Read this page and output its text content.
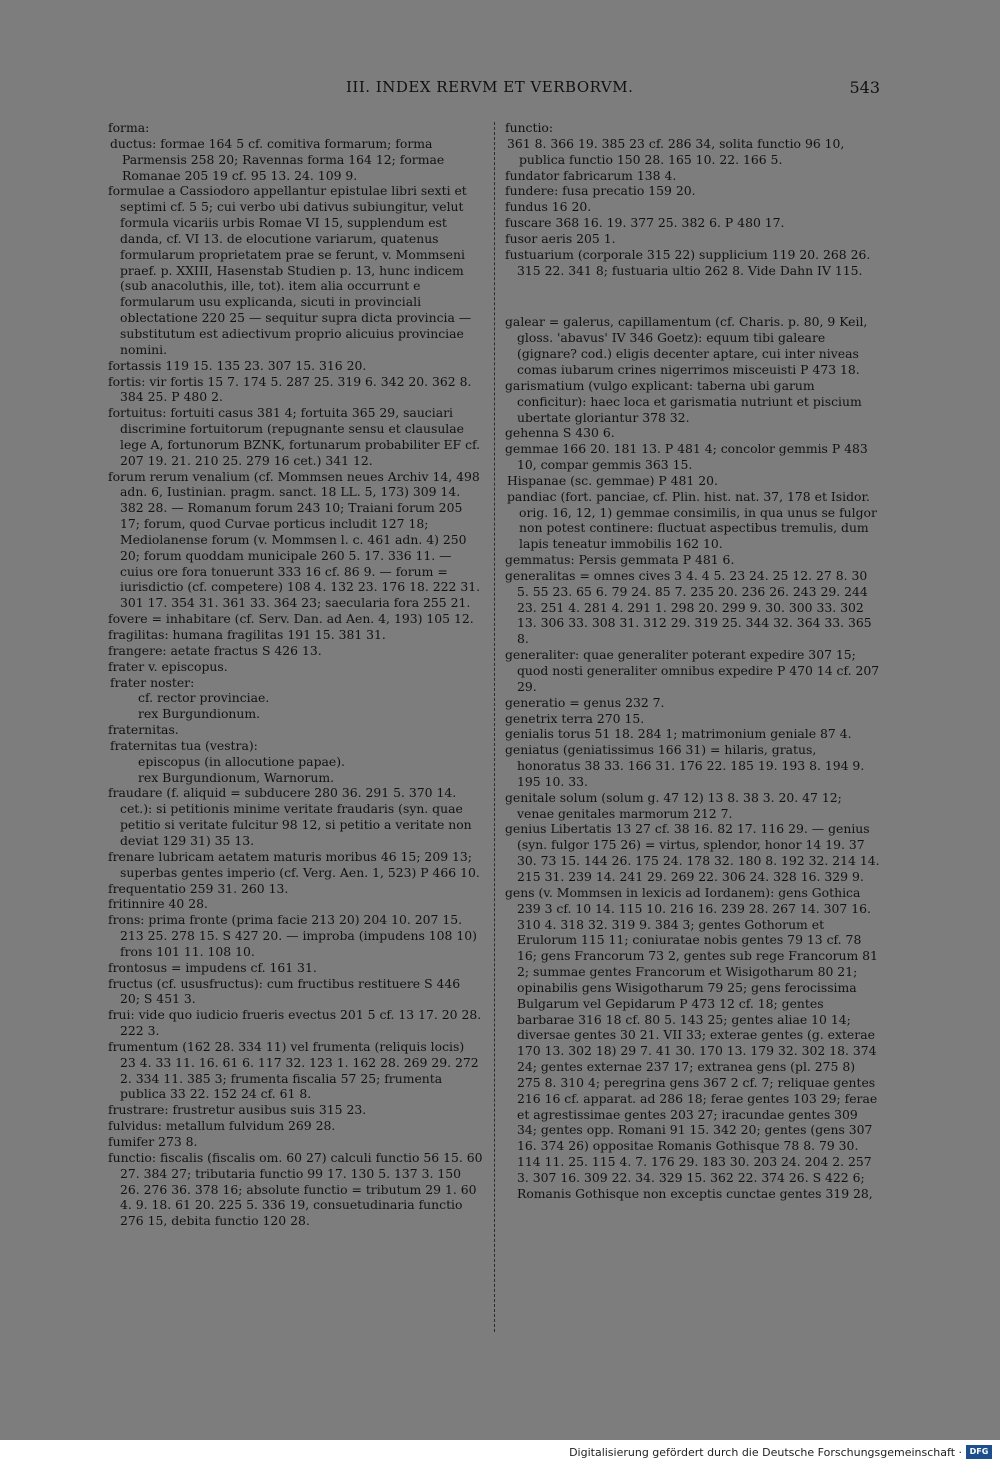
III. INDEX RERVM ET VERBORVM.	543
forma:
ductus: formae 164 5 cf. comitiva formarum; forma Parmensis 258 20; Ravennas forma 164 12; formae Romanae 205 19 cf. 95 13. 24. 109 9.
formulae a Cassiodoro appellantur epistulae libri sexti et septimi cf. 5 5; cui verbo ubi dativus subiungitur, velut formula vicariis urbis Romae VI 15, supplendum est danda, cf. VI 13. de elocutione variarum, quatenus formularum proprietatem prae se ferunt, v. Mommseni praef. p. XXIII, Hasenstab Studien p. 13, hunc indicem (sub anacoluthis, ille, tot). item alia occurrunt e formularum usu explicanda, sicuti in provinciali oblectatione 220 25 — sequitur supra dicta provincia — substitutum est adiectivum proprio alicuius provinciae nomini.
fortassis 119 15. 135 23. 307 15. 316 20.
fortis: vir fortis 15 7. 174 5. 287 25. 319 6. 342 20. 362 8. 384 25. P 480 2.
fortuitus: fortuiti casus 381 4; fortuita 365 29, sauciari discrimine fortuitorum (repugnante sensu et clausulae lege A, fortunorum BZNK, fortunarum probabiliter EF cf. 207 19. 21. 210 25. 279 16 cet.) 341 12.
forum rerum venalium (cf. Mommsen neues Archiv 14, 498 adn. 6, Iustinian. pragm. sanct. 18 LL. 5, 173) 309 14. 382 28. — Romanum forum 243 10; Traiani forum 205 17; forum, quod Curvae porticus includit 127 18; Mediolanense forum (v. Mommsen l. c. 461 adn. 4) 250 20; forum quoddam municipale 260 5. 17. 336 11. — cuius ore fora tonuerunt 333 16 cf. 86 9. — forum = iurisdictio (cf. competere) 108 4. 132 23. 176 18. 222 31. 301 17. 354 31. 361 33. 364 23; saecularia fora 255 21.
fovere = inhabitare (cf. Serv. Dan. ad Aen. 4, 193) 105 12.
fragilitas: humana fragilitas 191 15. 381 31.
frangere: aetate fractus S 426 13.
frater v. episcopus.
frater noster:
cf. rector provinciae.
rex Burgundionum.
fraternitas.
fraternitas tua (vestra):
episcopus (in allocutione papae).
rex Burgundionum, Warnorum.
fraudare (f. aliquid = subducere 280 36. 291 5. 370 14. cet.): si petitionis minime veritate fraudaris (syn. quae petitio si veritate fulcitur 98 12, si petitio a veritate non deviat 129 31) 35 13.
frenare lubricam aetatem maturis moribus 46 15; 209 13; superbas gentes imperio (cf. Verg. Aen. 1, 523) P 466 10.
frequentatio 259 31. 260 13.
fritinnire 40 28.
frons: prima fronte (prima facie 213 20) 204 10. 207 15. 213 25. 278 15. S 427 20. — improba (impudens 108 10) frons 101 11. 108 10.
frontosus = impudens cf. 161 31.
fructus (cf. ususfructus): cum fructibus restituere S 446 20; S 451 3.
frui: vide quo iudicio frueris evectus 201 5 cf. 13 17. 20 28. 222 3.
frumentum (162 28. 334 11) vel frumenta (reliquis locis) 23 4. 33 11. 16. 61 6. 117 32. 123 1. 162 28. 269 29. 272 2. 334 11. 385 3; frumenta fiscalia 57 25; frumenta publica 33 22. 152 24 cf. 61 8.
frustrare: frustretur ausibus suis 315 23.
fulvidus: metallum fulvidum 269 28.
fumifer 273 8.
functio: fiscalis (fiscalis om. 60 27) calculi functio 56 15. 60 27. 384 27; tributaria functio 99 17. 130 5. 137 3. 150 26. 276 36. 378 16; absolute functio = tributum 29 1. 60 4. 9. 18. 61 20. 225 5. 336 19, consuetudinaria functio 276 15, debita functio 120 28.
functio:
361 8. 366 19. 385 23 cf. 286 34, solita functio 96 10, publica functio 150 28. 165 10. 22. 166 5.
fundator fabricarum 138 4.
fundere: fusa precatio 159 20.
fundus 16 20.
fuscare 368 16. 19. 377 25. 382 6. P 480 17.
fusor aeris 205 1.
fustuarium (corporale 315 22) supplicium 119 20. 268 26. 315 22. 341 8; fustuaria ultio 262 8. Vide Dahn IV 115.
galear = galerus, capillamentum (cf. Charis. p. 80, 9 Keil, gloss. 'abavus' IV 346 Goetz): equum tibi galeare (gignare? cod.) eligis decenter aptare, cui inter niveas comas iubarum crines nigerrimos misceuisti P 473 18.
garismatium (vulgo explicant: taberna ubi garum conficitur): haec loca et garismatia nutriunt et piscium ubertate gloriantur 378 32.
gehenna S 430 6.
gemmae 166 20. 181 13. P 481 4; concolor gemmis P 483 10, compar gemmis 363 15.
Hispanae (sc. gemmae) P 481 20.
pandiac (fort. panciae, cf. Plin. hist. nat. 37, 178 et Isidor. orig. 16, 12, 1) gemmae consimilis, in qua unus se fulgor non potest continere: fluctuat aspectibus tremulis, dum lapis teneatur immobilis 162 10.
gemmatus: Persis gemmata P 481 6.
generalitas = omnes cives 3 4. 4 5. 23 24. 25 12. 27 8. 30 5. 55 23. 65 6. 79 24. 85 7. 235 20. 236 26. 243 29. 244 23. 251 4. 281 4. 291 1. 298 20. 299 9. 30. 300 33. 302 13. 306 33. 308 31. 312 29. 319 25. 344 32. 364 33. 365 8.
generaliter: quae generaliter poterant expedire 307 15; quod nosti generaliter omnibus expedire P 470 14 cf. 207 29.
generatio = genus 232 7.
genetrix terra 270 15.
genialis torus 51 18. 284 1; matrimonium geniale 87 4.
geniatus (geniatissimus 166 31) = hilaris, gratus, honoratus 38 33. 166 31. 176 22. 185 19. 193 8. 194 9. 195 10. 33.
genitale solum (solum g. 47 12) 13 8. 38 3. 20. 47 12; venae genitales marmorum 212 7.
genius Libertatis 13 27 cf. 38 16. 82 17. 116 29. — genius (syn. fulgor 175 26) = virtus, splendor, honor 14 19. 37 30. 73 15. 144 26. 175 24. 178 32. 180 8. 192 32. 214 14. 215 31. 239 14. 241 29. 269 22. 306 24. 328 16. 329 9.
gens (v. Mommsen in lexicis ad Iordanem): gens Gothica 239 3 cf. 10 14. 115 10. 216 16. 239 28. 267 14. 307 16. 310 4. 318 32. 319 9. 384 3; gentes Gothorum et Erulorum 115 11; coniuratae nobis gentes 79 13 cf. 78 16; gens Francorum 73 2, gentes sub rege Francorum 81 2; summae gentes Francorum et Wisigotharum 80 21; opinabilis gens Wisigotharum 79 25; gens ferocissima Bulgarum vel Gepidarum P 473 12 cf. 18; gentes barbarae 316 18 cf. 80 5. 143 25; gentes aliae 10 14; diversae gentes 30 21. VII 33; exterae gentes (g. exterae 170 13. 302 18) 29 7. 41 30. 170 13. 179 32. 302 18. 374 24; gentes externae 237 17; extranea gens (pl. 275 8) 275 8. 310 4; peregrina gens 367 2 cf. 7; reliquae gentes 216 16 cf. apparat. ad 286 18; ferae gentes 103 29; ferae et agrestissimae gentes 203 27; iracundae gentes 309 34; gentes opp. Romani 91 15. 342 20; gentes (gens 307 16. 374 26) oppositae Romanis Gothisque 78 8. 79 30. 114 11. 25. 115 4. 7. 176 29. 183 30. 203 24. 204 2. 257 3. 307 16. 309 22. 34. 329 15. 362 22. 374 26. S 422 6; Romanis Gothisque non exceptis cunctae gentes 319 28,
Digitalisierung gefördert durch die Deutsche Forschungsgemeinschaft · DFG
